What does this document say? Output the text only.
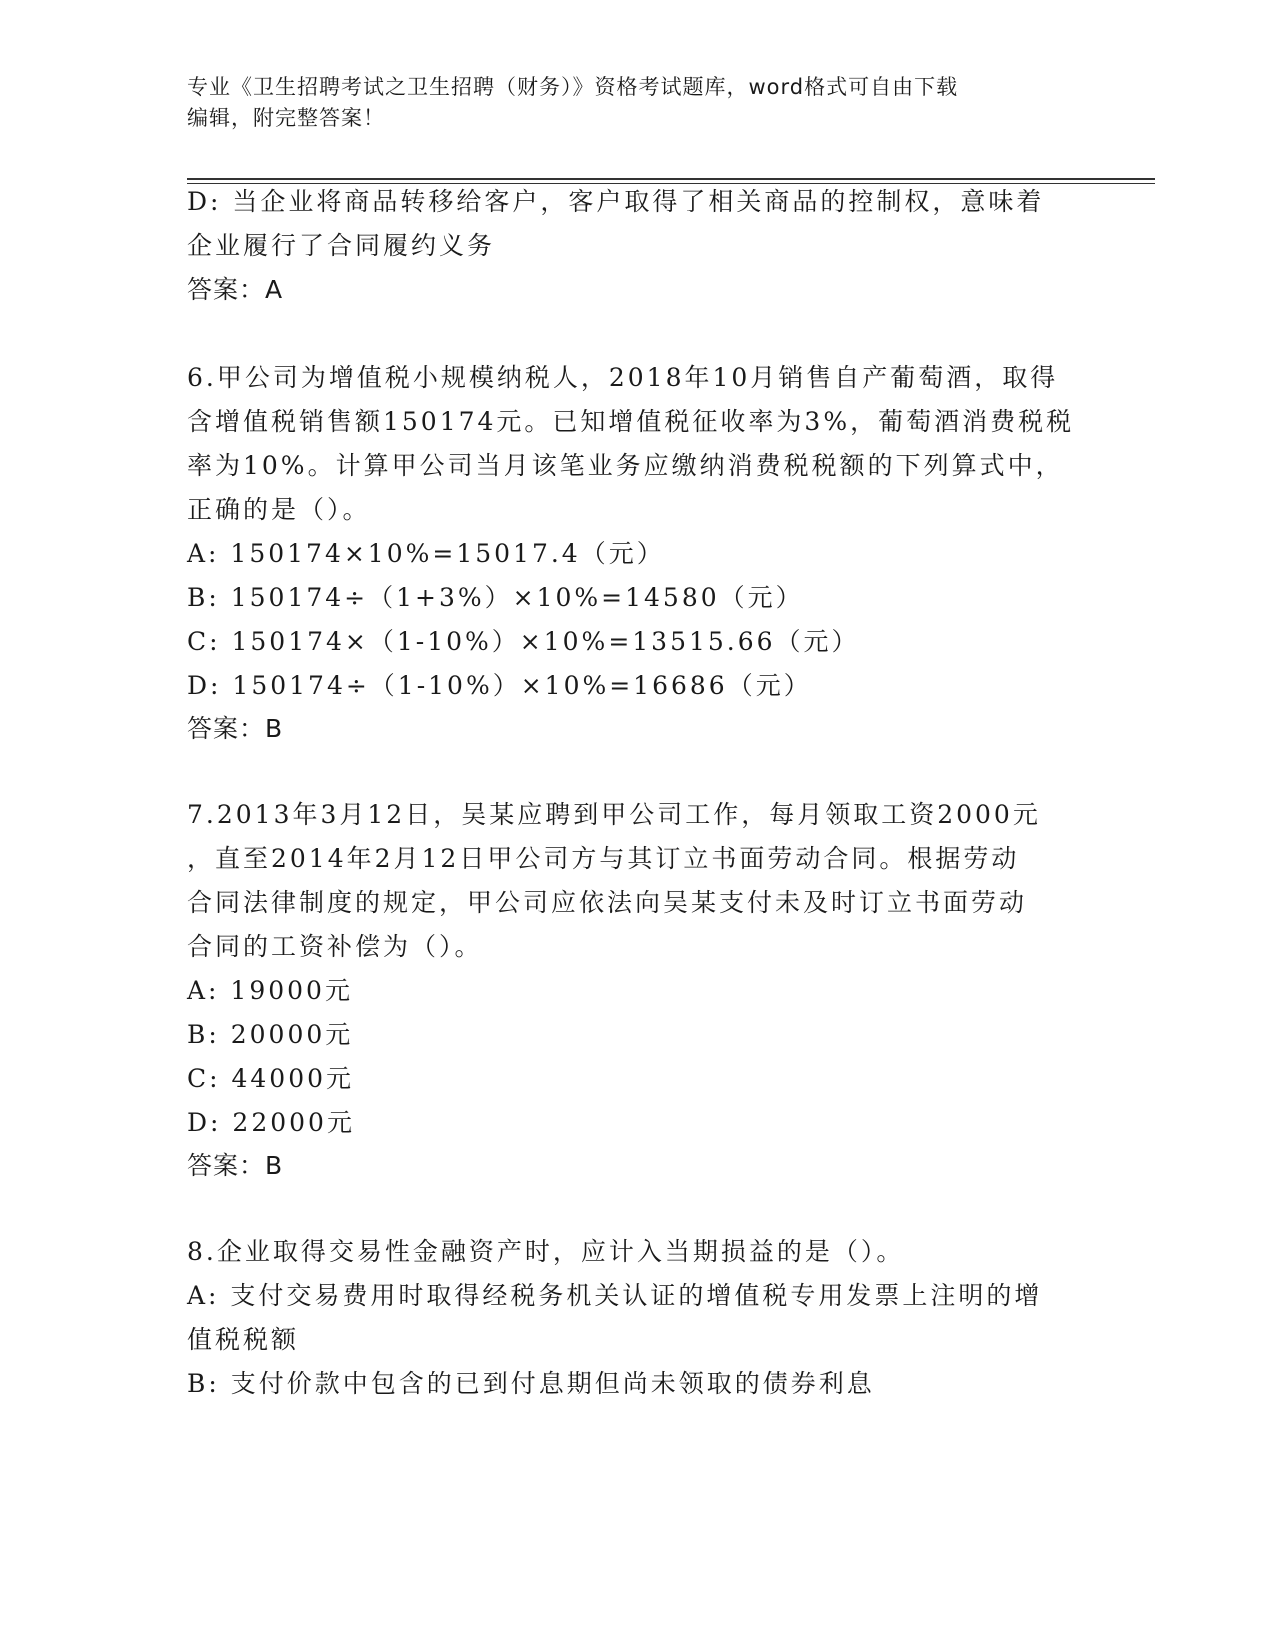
专业《卫生招聘考试之卫生招聘（财务）》资格考试题库，word格式可自由下载
编辑，附完整答案！

D: 当企业将商品转移给客户，客户取得了相关商品的控制权，意味着

企业履行了合同履约义务

答案：A

6.甲公司为增值税小规模纳税人，2018年10月销售自产葡萄酒，取得

含增值税销售额150174元。已知增值税征收率为3%，葡萄酒消费税税

率为10%。计算甲公司当月该笔业务应缴纳消费税税额的下列算式中，

正确的是（）。

A: 150174×10%=15017.4（元）

B: 150174÷（1+3%）×10%=14580（元）

C: 150174×（1-10%）×10%=13515.66（元）

D: 150174÷（1-10%）×10%=16686（元）

答案：B

7.2013年3月12日，吴某应聘到甲公司工作，每月领取工资2000元

，直至2014年2月12日甲公司方与其订立书面劳动合同。根据劳动

合同法律制度的规定，甲公司应依法向吴某支付未及时订立书面劳动

合同的工资补偿为（）。

A: 19000元

B: 20000元

C: 44000元

D: 22000元

答案：B

8.企业取得交易性金融资产时，应计入当期损益的是（）。

A: 支付交易费用时取得经税务机关认证的增值税专用发票上注明的增

值税税额

B: 支付价款中包含的已到付息期但尚未领取的债券利息
